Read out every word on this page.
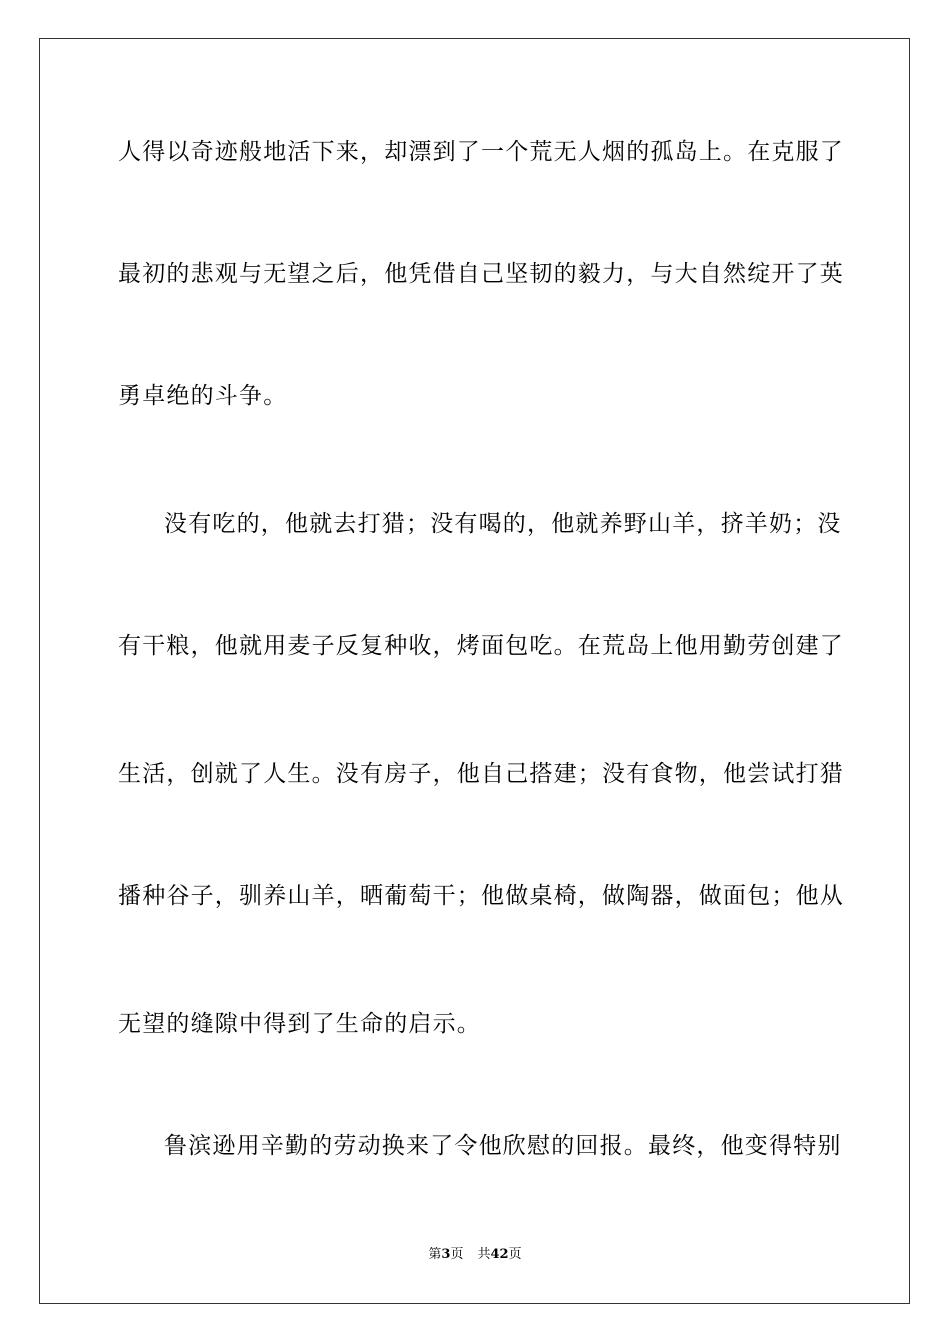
人得以奇迹般地活下来，却漂到了一个荒无人烟的孤岛上。在克服了
最初的悲观与无望之后，他凭借自己坚韧的毅力，与大自然绽开了英
勇卓绝的斗争。
没有吃的，他就去打猎；没有喝的，他就养野山羊，挤羊奶；没
有干粮，他就用麦子反复种收，烤面包吃。在荒岛上他用勤劳创建了
生活，创就了人生。没有房子，他自己搭建；没有食物，他尝试打猎
播种谷子，驯养山羊，晒葡萄干；他做桌椅，做陶器，做面包；他从
无望的缝隙中得到了生命的启示。
鲁滨逊用辛勤的劳动换来了令他欣慰的回报。最终，他变得特别
第3页 共42页
